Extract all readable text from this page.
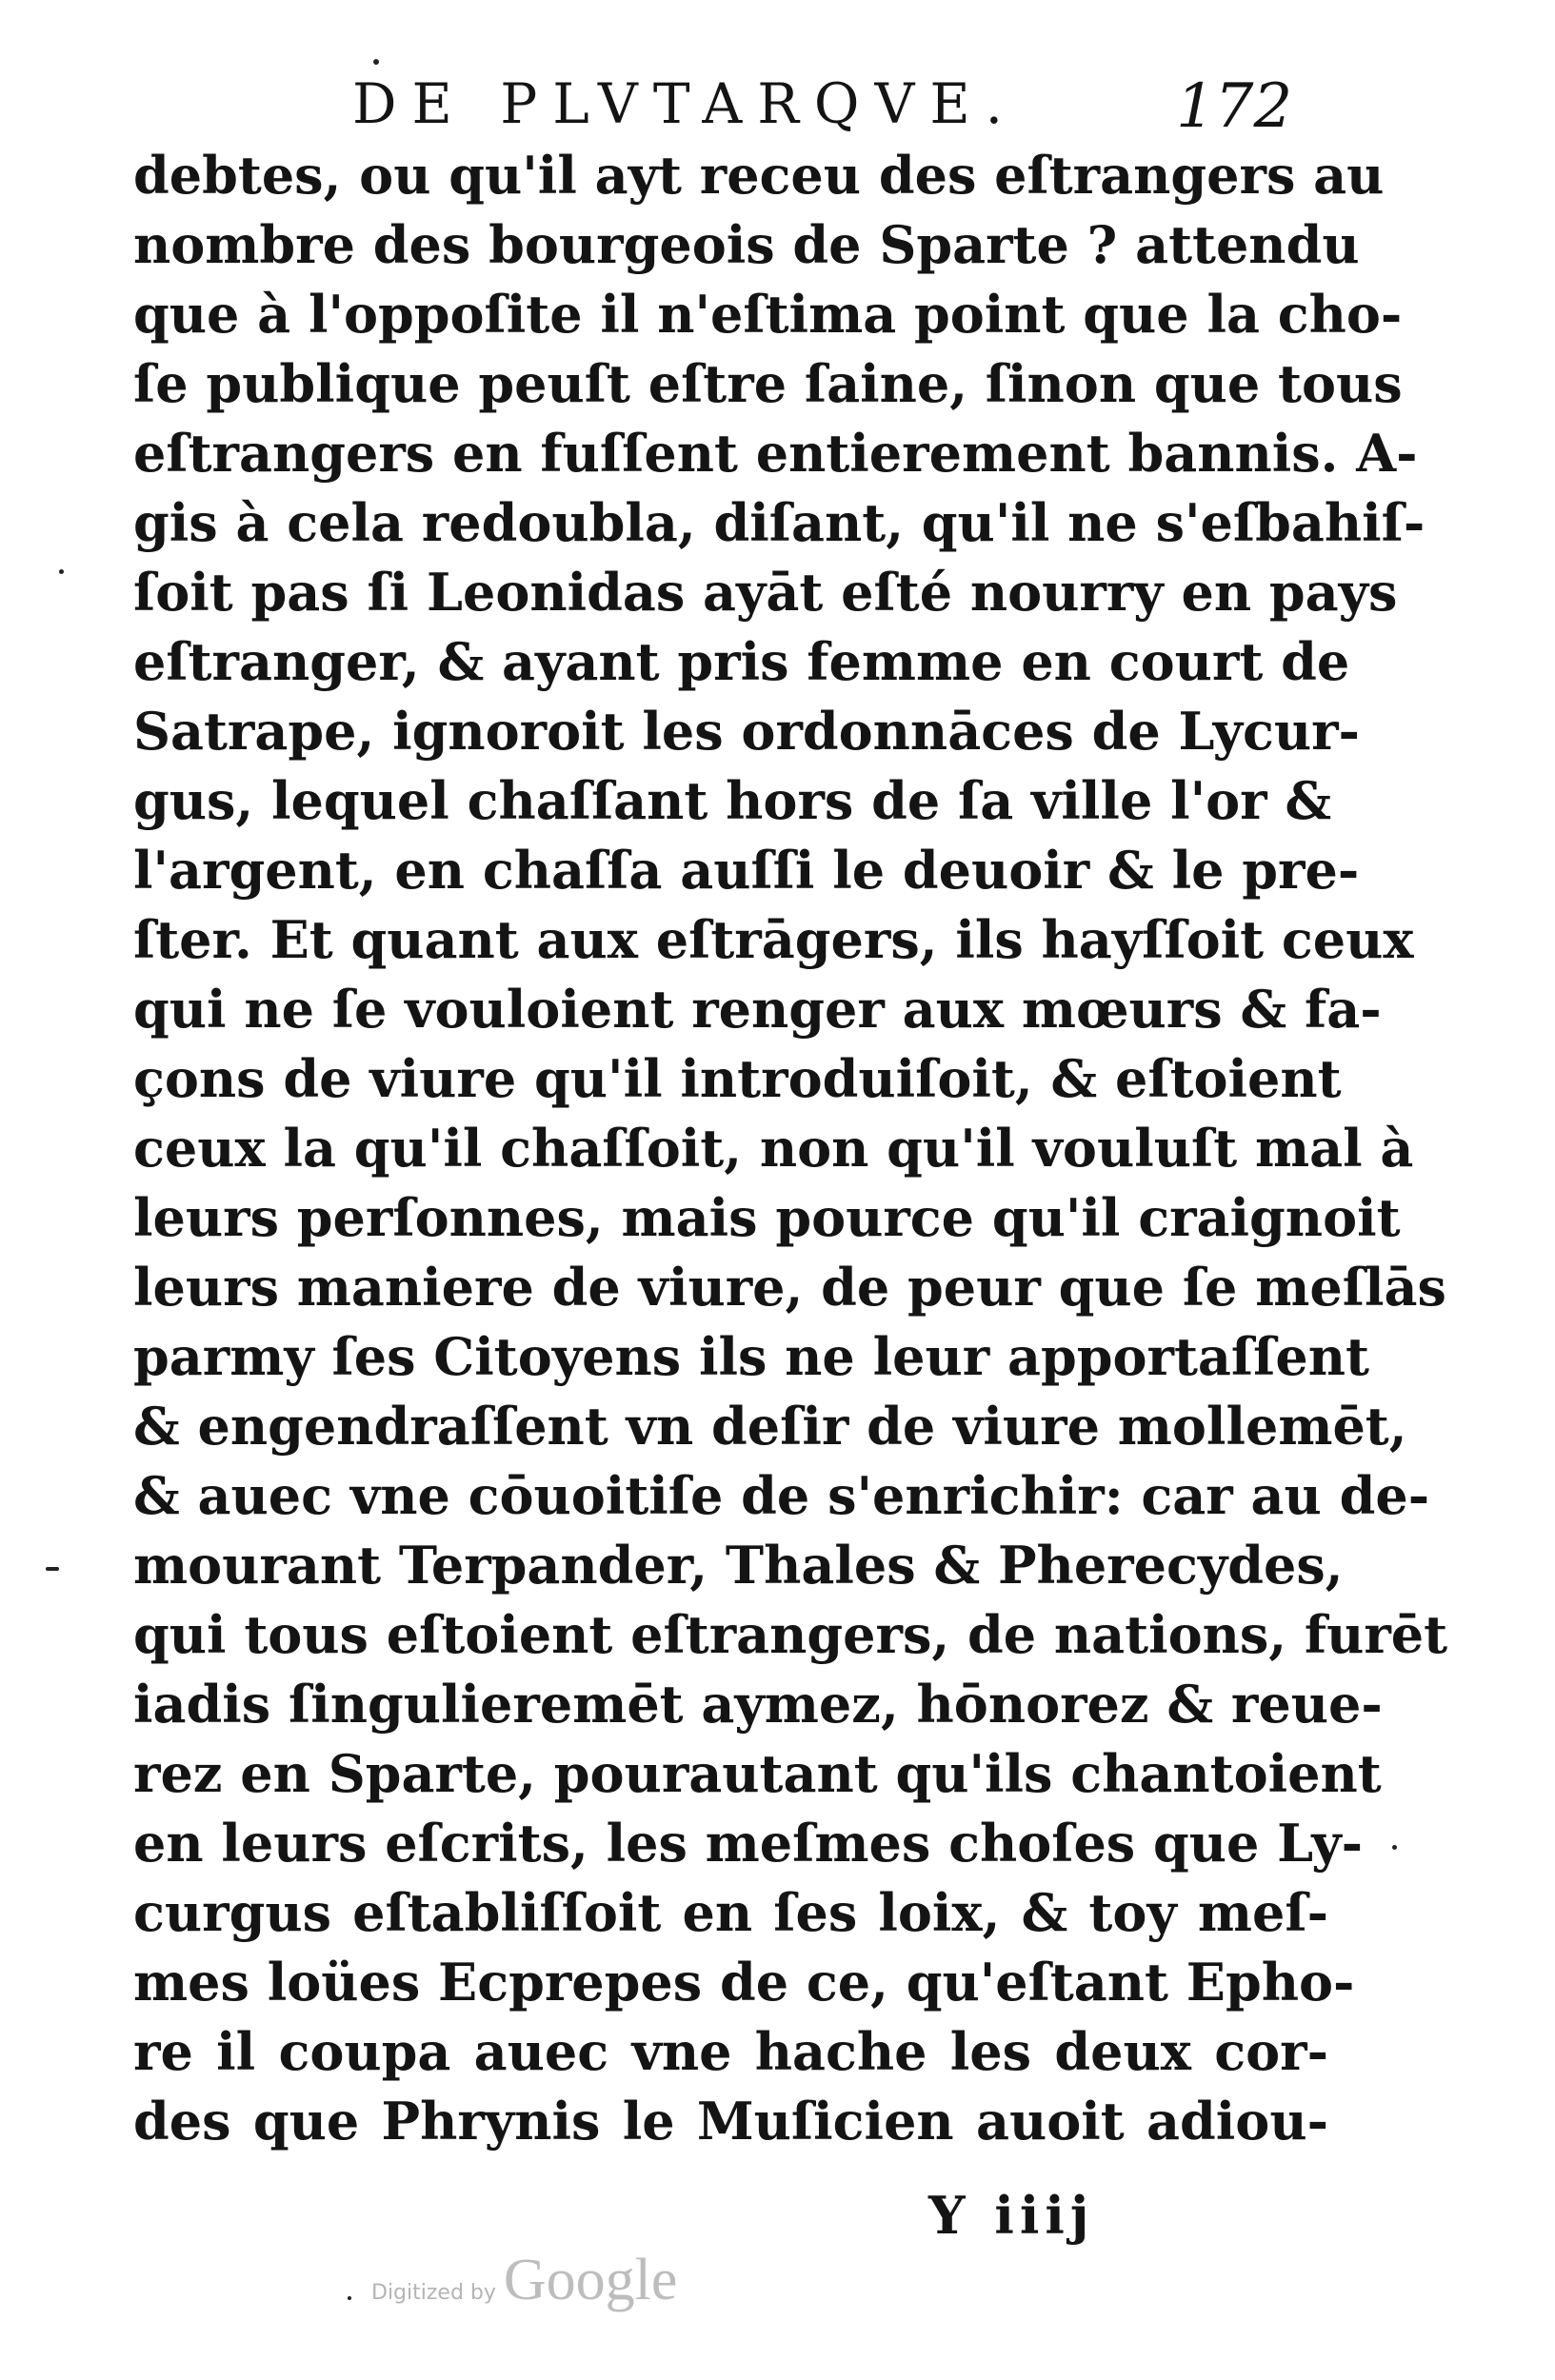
DE PLVTARQVE.	172
debtes, ou qu'il ayt receu des eſtrangers au
nombre des bourgeois de Sparte ? attendu
que à l'oppoſite il n'eſtima point que la cho-
ſe publique peuſt eſtre ſaine, ſinon que tous
eſtrangers en fuſſent entierement bannis. A-
gis à cela redoubla, diſant, qu'il ne s'eſbahiſ-
ſoit pas ſi Leonidas ayāt eſté nourry en pays
eſtranger, & ayant pris femme en court de
Satrape, ignoroit les ordonnāces de Lycur-
gus, lequel chaſſant hors de ſa ville l'or &
l'argent, en chaſſa auſſi le deuoir & le pre-
ſter. Et quant aux eſtrāgers, ils hayſſoit ceux
qui ne ſe vouloient renger aux mœurs & fa-
çons de viure qu'il introduiſoit, & eſtoient
ceux la qu'il chaſſoit, non qu'il vouluſt mal à
leurs perſonnes, mais pource qu'il craignoit
leurs maniere de viure, de peur que ſe meſlās
parmy ſes Citoyens ils ne leur apportaſſent
& engendraſſent vn deſir de viure mollemēt,
& auec vne cōuoitiſe de s'enrichir: car au de-
mourant Terpander, Thales & Pherecydes,
qui tous eſtoient eſtrangers, de nations, furēt
iadis ſingulieremēt aymez, hōnorez & reue-
rez en Sparte, pourautant qu'ils chantoient
en leurs eſcrits, les meſmes choſes que Ly-
curgus eſtabliſſoit en ſes loix, & toy meſ-
mes loües Ecprepes de ce, qu'eſtant Epho-
re il coupa auec vne hache les deux cor-
des que Phrynis le Muſicien auoit adiou-
Y iiij
Digitized by Google
